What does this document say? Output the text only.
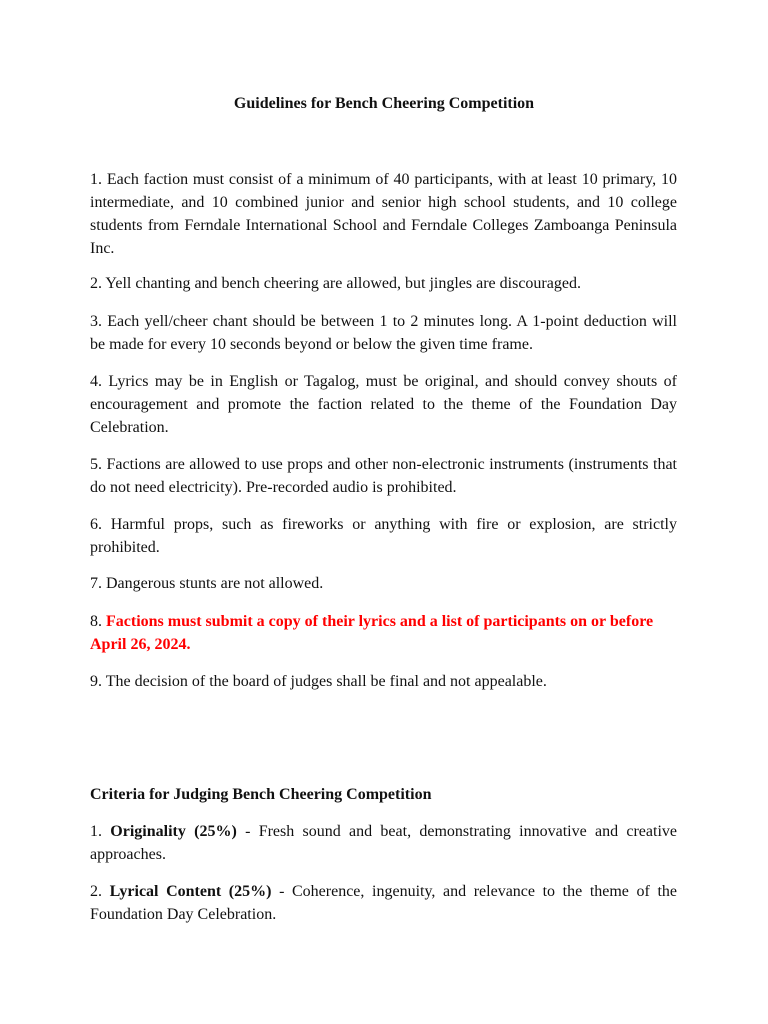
Guidelines for Bench Cheering Competition

1. Each faction must consist of a minimum of 40 participants, with at least 10 primary, 10 intermediate, and 10 combined junior and senior high school students, and 10 college students from Ferndale International School and Ferndale Colleges Zamboanga Peninsula Inc.

2. Yell chanting and bench cheering are allowed, but jingles are discouraged.

3. Each yell/cheer chant should be between 1 to 2 minutes long. A 1-point deduction will be made for every 10 seconds beyond or below the given time frame.

4. Lyrics may be in English or Tagalog, must be original, and should convey shouts of encouragement and promote the faction related to the theme of the Foundation Day Celebration.

5. Factions are allowed to use props and other non-electronic instruments (instruments that do not need electricity). Pre-recorded audio is prohibited.

6. Harmful props, such as fireworks or anything with fire or explosion, are strictly prohibited.

7. Dangerous stunts are not allowed.

8. Factions must submit a copy of their lyrics and a list of participants on or before April 26, 2024.

9. The decision of the board of judges shall be final and not appealable.

Criteria for Judging Bench Cheering Competition

1. Originality (25%) - Fresh sound and beat, demonstrating innovative and creative approaches.

2. Lyrical Content (25%) - Coherence, ingenuity, and relevance to the theme of the Foundation Day Celebration.
